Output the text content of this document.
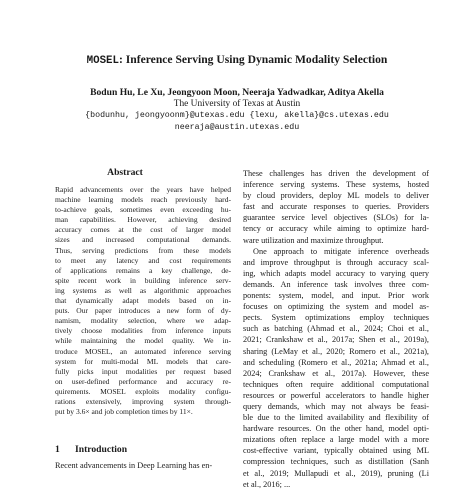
MOSEL: Inference Serving Using Dynamic Modality Selection
Bodun Hu, Le Xu, Jeongyoon Moon, Neeraja Yadwadkar, Aditya Akella
The University of Texas at Austin
{bodunhu, jeongyoonm}@utexas.edu {lexu, akella}@cs.utexas.edu
neeraja@austin.utexas.edu
Abstract
Rapid advancements over the years have helped
machine learning models reach previously hard-
to-achieve goals, sometimes even exceeding hu-
man capabilities. However, achieving desired
accuracy comes at the cost of larger model
sizes and increased computational demands.
Thus, serving predictions from these models
to meet any latency and cost requirements
of applications remains a key challenge, de-
spite recent work in building inference serv-
ing systems as well as algorithmic approaches
that dynamically adapt models based on in-
puts. Our paper introduces a new form of dy-
namism, modality selection, where we adap-
tively choose modalities from inference inputs
while maintaining the model quality. We in-
troduce MOSEL, an automated inference serving
system for multi-modal ML models that care-
fully picks input modalities per request based
on user-defined performance and accuracy re-
quirements. MOSEL exploits modality configu-
rations extensively, improving system through-
put by 3.6× and job completion times by 11×.
These challenges has driven the development of
inference serving systems. These systems, hosted
by cloud providers, deploy ML models to deliver
fast and accurate responses to queries. Providers
guarantee service level objectives (SLOs) for la-
tency or accuracy while aiming to optimize hard-
ware utilization and maximize throughput.
One approach to mitigate inference overheads
and improve throughput is through accuracy scal-
ing, which adapts model accuracy to varying query
demands. An inference task involves three com-
ponents: system, model, and input. Prior work
focuses on optimizing the system and model as-
pects. System optimizations employ techniques
such as batching (Ahmad et al., 2024; Choi et al.,
2021; Crankshaw et al., 2017a; Shen et al., 2019a),
sharing (LeMay et al., 2020; Romero et al., 2021a),
and scheduling (Romero et al., 2021a; Ahmad et al.,
2024; Crankshaw et al., 2017a). However, these
techniques often require additional computational
resources or powerful accelerators to handle higher
query demands, which may not always be feasi-
ble due to the limited availability and flexibility of
hardware resources. On the other hand, model opti-
mizations often replace a large model with a more
cost-effective variant, typically obtained using ML
compression techniques, such as distillation (Sanh
et al., 2019; Mullapudi et al., 2019), pruning (Li
et al., 2016; ...
1 Introduction
Recent advancements in Deep Learning has en-
